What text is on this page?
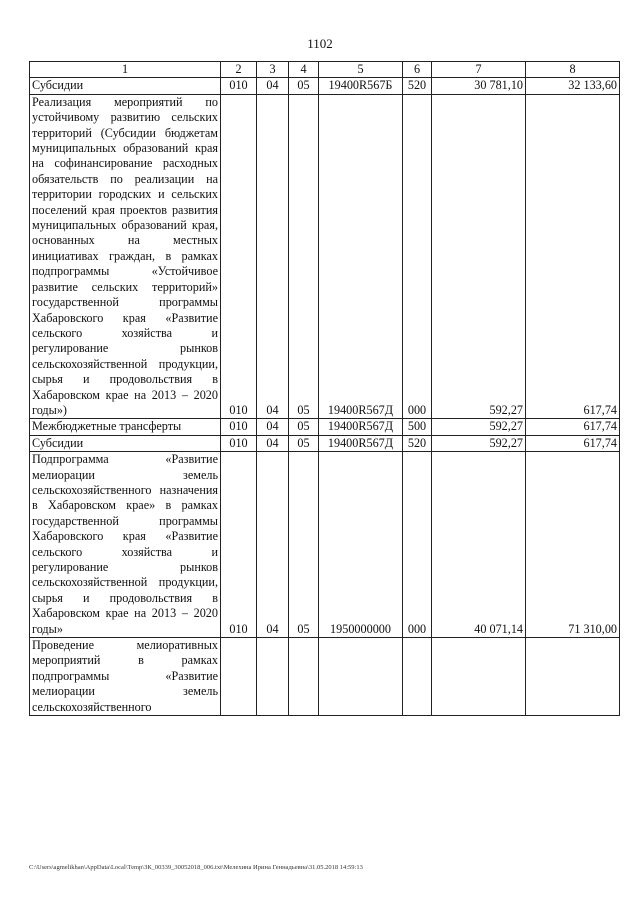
1102
1	2	3	4	5	6	7	8
Субсидии	010	04	05	19400R567Б	520	30 781,10	32 133,60
Реализация мероприятий по устойчивому развитию сельских территорий (Субсидии бюджетам муниципальных образований края на софинансирование расходных обязательств по реализации на территории городских и сельских поселений края проектов развития муниципальных образований края, основанных на местных инициативах граждан, в рамках подпрограммы «Устойчивое развитие сельских территорий» государственной программы Хабаровского края «Развитие сельского хозяйства и регулирование рынков сельскохозяйственной продукции, сырья и продовольствия в Хабаровском крае на 2013 – 2020 годы»)	010	04	05	19400R567Д	000	592,27	617,74
Межбюджетные трансферты	010	04	05	19400R567Д	500	592,27	617,74
Субсидии	010	04	05	19400R567Д	520	592,27	617,74
Подпрограмма «Развитие мелиорации земель сельскохозяйственного назначения в Хабаровском крае» в рамках государственной программы Хабаровского края «Развитие сельского хозяйства и регулирование рынков сельскохозяйственной продукции, сырья и продовольствия в Хабаровском крае на 2013 – 2020 годы»	010	04	05	1950000000	000	40 071,14	71 310,00
Проведение мелиоративных мероприятий в рамках подпрограммы «Развитие мелиорации земель сельскохозяйственного							
C:\Users\agmelikhan\AppData\Local\Temp\ЗК_00339_30052018_006.txt\Мелехина Ирина Геннадьевна\31.05.2018 14:59:13
